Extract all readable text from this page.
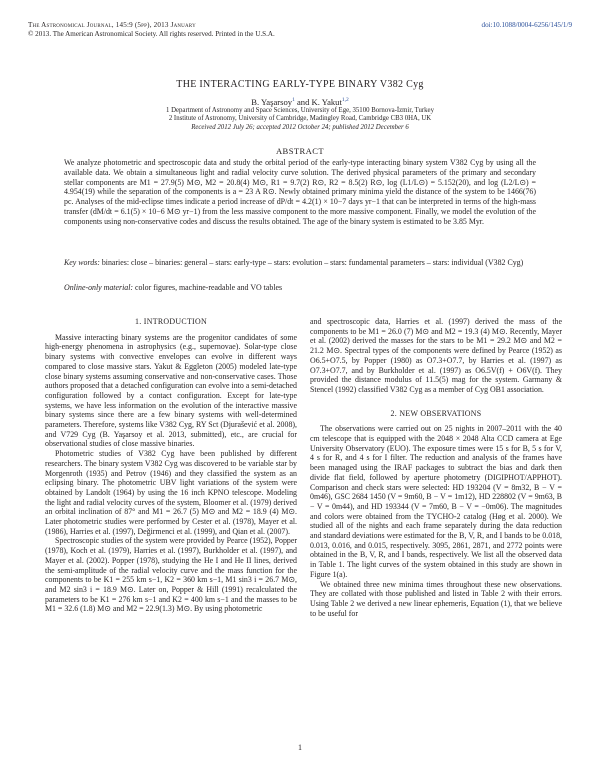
The Astronomical Journal, 145:9 (5pp), 2013 January
© 2013. The American Astronomical Society. All rights reserved. Printed in the U.S.A.
doi:10.1088/0004-6256/145/1/9
THE INTERACTING EARLY-TYPE BINARY V382 Cyg
B. Yaşarsoy$^1$ and K. Yakut$^{1,2}$
1 Department of Astronomy and Space Sciences, University of Ege, 35100 Bornova-İzmir, Turkey
2 Institute of Astronomy, University of Cambridge, Madingley Road, Cambridge CB3 0HA, UK
Received 2012 July 26; accepted 2012 October 24; published 2012 December 6
ABSTRACT
We analyze photometric and spectroscopic data and study the orbital period of the early-type interacting binary system V382 Cyg by using all the available data. We obtain a simultaneous light and radial velocity curve solution. The derived physical parameters of the primary and secondary stellar components are M1 = 27.9(5) M⊙, M2 = 20.8(4) M⊙, R1 = 9.7(2) R⊙, R2 = 8.5(2) R⊙, log (L1/L⊙) = 5.152(20), and log (L2/L⊙) = 4.954(19) while the separation of the components is a = 23 A R⊙. Newly obtained primary minima yield the distance of the system to be 1466(76) pc. Analyses of the mid-eclipse times indicate a period increase of dP/dt = 4.2(1) × 10−7 days yr−1 that can be interpreted in terms of the high-mass transfer (dM/dt = 6.1(5) × 10−6 M⊙ yr−1) from the less massive component to the more massive component. Finally, we model the evolution of the components using non-conservative codes and discuss the results obtained. The age of the binary system is estimated to be 3.85 Myr.
Key words: binaries: close – binaries: general – stars: early-type – stars: evolution – stars: fundamental parameters – stars: individual (V382 Cyg)
Online-only material: color figures, machine-readable and VO tables
1. INTRODUCTION

Massive interacting binary systems are the progenitor candidates of some high-energy phenomena in astrophysics (e.g., supernovae). Solar-type close binary systems with convective envelopes can evolve in different ways compared to close massive stars. Yakut & Eggleton (2005) modeled late-type close binary systems assuming conservative and non-conservative cases. Those authors proposed that a detached configuration can evolve into a semi-detached configuration followed by a contact configuration. Except for late-type systems, we have less information on the evolution of the interactive massive binary systems since there are a few binary systems with well-determined parameters. Therefore, systems like V382 Cyg, RY Sct (Djurašević et al. 2008), and V729 Cyg (B. Yaşarsoy et al. 2013, submitted), etc., are crucial for observational studies of close massive binaries.

Photometric studies of V382 Cyg have been published by different researchers. The binary system V382 Cyg was discovered to be variable star by Morgenroth (1935) and Petrov (1946) and they classified the system as an eclipsing binary. The photometric UBV light variations of the system were obtained by Landolt (1964) by using the 16 inch KPNO telescope. Modeling the light and radial velocity curves of the system, Bloomer et al. (1979) derived an orbital inclination of 87° and M1 = 26.7 (5) M⊙ and M2 = 18.9 (4) M⊙. Later photometric studies were performed by Cester et al. (1978), Mayer et al. (1986), Harries et al. (1997), Değirmenci et al. (1999), and Qian et al. (2007).

Spectroscopic studies of the system were provided by Pearce (1952), Popper (1978), Koch et al. (1979), Harries et al. (1997), Burkholder et al. (1997), and Mayer et al. (2002). Popper (1978), studying the He I and He II lines, derived the semi-amplitude of the radial velocity curve and the mass function for the components to be K1 = 255 km s−1, K2 = 360 km s−1, M1 sin3 i = 26.7 M⊙, and M2 sin3 i = 18.9 M⊙. Later on, Popper & Hill (1991) recalculated the parameters to be K1 = 276 km s−1 and K2 = 400 km s−1 and the masses to be M1 = 32.6 (1.8) M⊙ and M2 = 22.9(1.3) M⊙. By using photometric

and spectroscopic data, Harries et al. (1997) derived the mass of the components to be M1 = 26.0 (7) M⊙ and M2 = 19.3 (4) M⊙. Recently, Mayer et al. (2002) derived the masses for the stars to be M1 = 29.2 M⊙ and M2 = 21.2 M⊙. Spectral types of the components were defined by Pearce (1952) as O6.5+O7.5, by Popper (1980) as O7.3+O7.7, by Harries et al. (1997) as O7.3+O7.7, and by Burkholder et al. (1997) as O6.5V(f) + O6V(f). They provided the distance modulus of 11.5(5) mag for the system. Garmany & Stencel (1992) classified V382 Cyg as a member of Cyg OB1 association.

2. NEW OBSERVATIONS

The observations were carried out on 25 nights in 2007–2011 with the 40 cm telescope that is equipped with the 2048 × 2048 Alta CCD camera at Ege University Observatory (EUO). The exposure times were 15 s for B, 5 s for V, 4 s for R, and 4 s for I filter. The reduction and analysis of the frames have been managed using the IRAF packages to subtract the bias and dark then divide flat field, followed by aperture photometry (DIGIPHOT/APPHOT). Comparison and check stars were selected: HD 193204 (V = 8m32, B − V = 0m46), GSC 2684 1450 (V = 9m60, B − V = 1m12), HD 228802 (V = 9m63, B − V = 0m44), and HD 193344 (V = 7m60, B − V = −0m06). The magnitudes and colors were obtained from the TYCHO-2 catalog (Høg et al. 2000). We studied all of the nights and each frame separately during the data reduction and standard deviations were estimated for the B, V, R, and I bands to be 0.018, 0.013, 0.016, and 0.015, respectively. 3095, 2861, 2871, and 2772 points were obtained in the B, V, R, and I bands, respectively. We list all the observed data in Table 1. The light curves of the system obtained in this study are shown in Figure 1(a).

We obtained three new minima times throughout these new observations. They are collated with those published and listed in Table 2 with their errors. Using Table 2 we derived a new linear ephemeris, Equation (1), that we believe to be useful for

1
